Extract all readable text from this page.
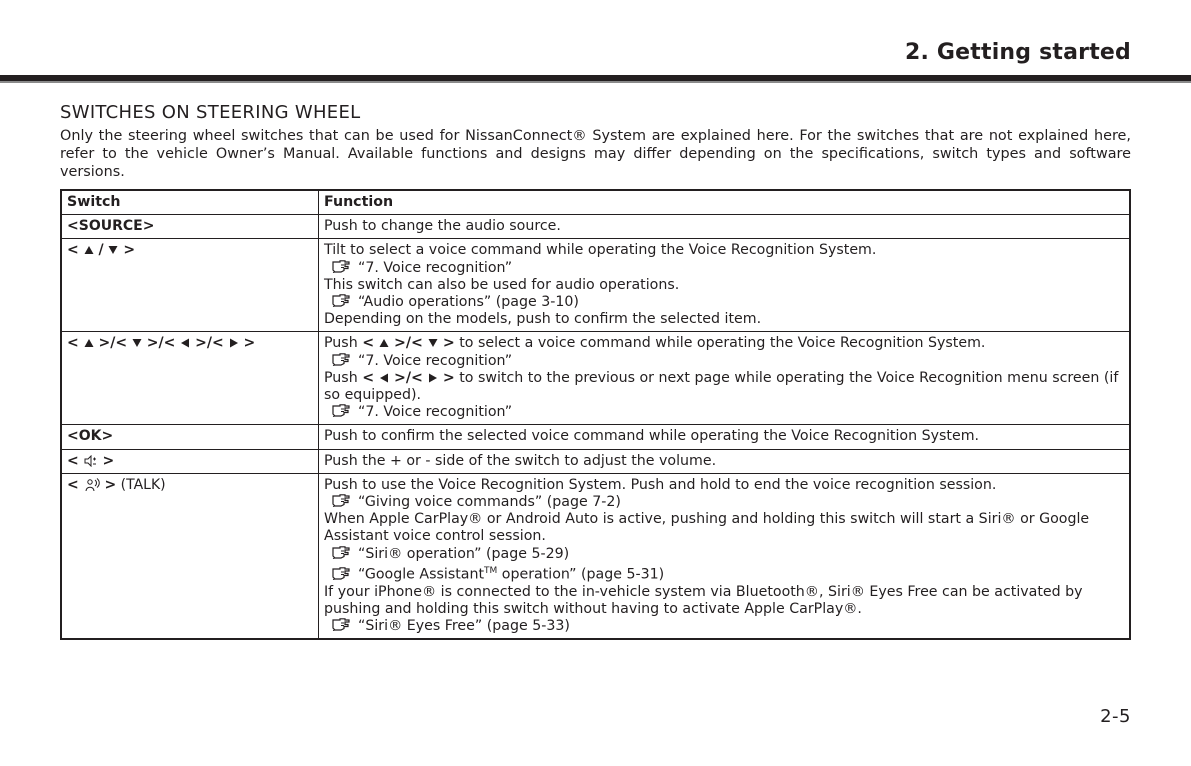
2. Getting started
SWITCHES ON STEERING WHEEL
Only the steering wheel switches that can be used for NissanConnect® System are explained here. For the switches that are not explained here, refer to the vehicle Owner’s Manual. Available functions and designs may differ depending on the specifications, switch types and software versions.
Switch	Function
<SOURCE>	Push to change the audio source.
<  /  >	Tilt to select a voice command while operating the Voice Recognition System.
“7. Voice recognition”
This switch can also be used for audio operations.
“Audio operations” (page 3-10)
Depending on the models, push to confirm the selected item.
<  >/<  >/<  >/<  >	Push <  >/<  > to select a voice command while operating the Voice Recognition System.
“7. Voice recognition”
Push <  >/<  > to switch to the previous or next page while operating the Voice Recognition menu screen (if so equipped).
“7. Voice recognition”
<OK>	Push to confirm the selected voice command while operating the Voice Recognition System.
<  >	Push the + or - side of the switch to adjust the volume.
<  > (TALK)	Push to use the Voice Recognition System. Push and hold to end the voice recognition session.
“Giving voice commands” (page 7-2)
When Apple CarPlay® or Android Auto is active, pushing and holding this switch will start a Siri® or Google Assistant voice control session.
“Siri® operation” (page 5-29)
“Google Assistant™ operation” (page 5-31)
If your iPhone® is connected to the in-vehicle system via Bluetooth®, Siri® Eyes Free can be activated by pushing and holding this switch without having to activate Apple CarPlay®.
“Siri® Eyes Free” (page 5-33)
2-5
